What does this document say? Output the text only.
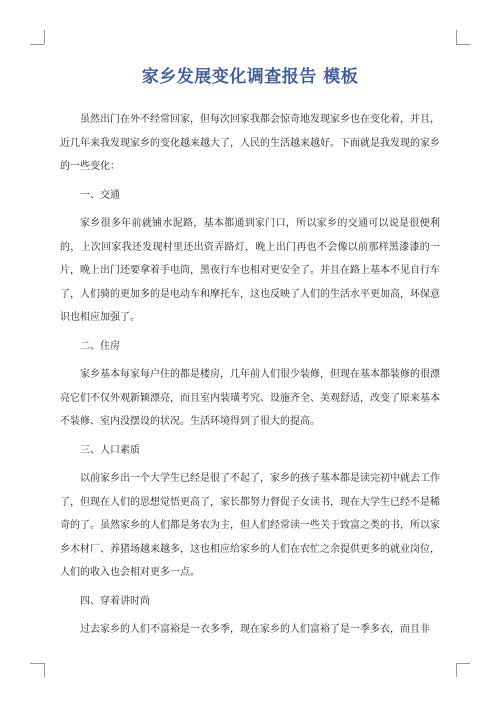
家乡发展变化调查报告 模板

虽然出门在外不经常回家，但每次回家我都会惊奇地发现家乡也在变化着，并且，近几年来我发现家乡的变化越来越大了，人民的生活越来越好。下面就是我发现的家乡的一些变化：

一、交通

家乡很多年前就铺水泥路，基本都通到家门口，所以家乡的交通可以说是很便利的，上次回家我还发现村里还出资弄路灯，晚上出门再也不会像以前那样黑漆漆的一片，晚上出门还要拿着手电筒，黑夜行车也相对更安全了。并且在路上基本不见自行车了，人们骑的更加多的是电动车和摩托车，这也反映了人们的生活水平更加高，环保意识也相应加强了。

二、住房

家乡基本每家每户住的都是楼房，几年前人们很少装修，但现在基本都装修的很漂亮它们不仅外观新颖漂亮，而且室内装璜考究、设施齐全、美观舒适，改变了原来基本不装修、室内没摆设的状况。生活环境得到了很大的提高。

三、人口素质

以前家乡出一个大学生已经是很了不起了，家乡的孩子基本都是读完初中就去工作了，但现在人们的思想觉悟更高了，家长都努力督促子女读书，现在大学生已经不是稀奇的了。虽然家乡的人们都是务农为主，但人们经常读一些关于致富之类的书，所以家乡木材厂、养猪场越来越多，这也相应给家乡的人们在农忙之余提供更多的就业岗位，人们的收入也会相对更多一点。

四、穿着讲时尚

过去家乡的人们不富裕是一衣多季，现在家乡的人们富裕了是一季多衣，而且非
